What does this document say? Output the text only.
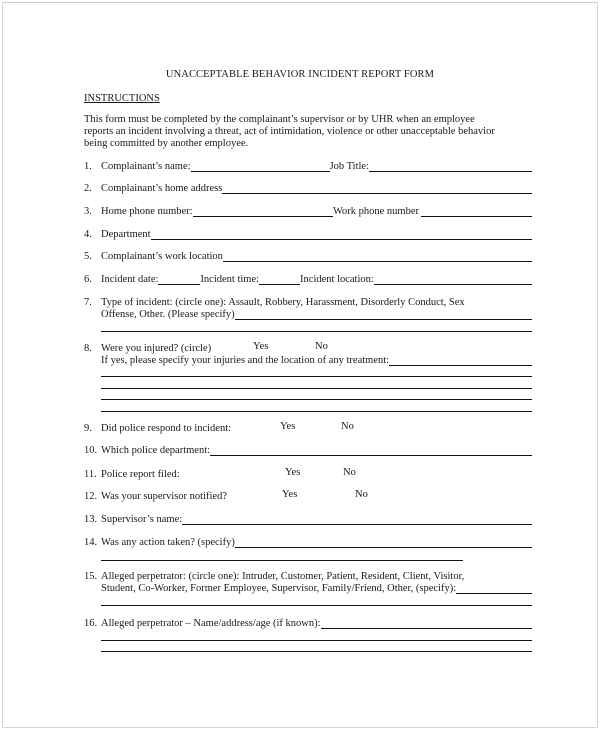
UNACCEPTABLE BEHAVIOR INCIDENT REPORT FORM
INSTRUCTIONS
This form must be completed by the complainant’s supervisor or by UHR when an employee
reports an incident involving a threat, act of intimidation, violence or other unacceptable behavior
being committed by another employee.
1. Complainant’s name:	Job Title:
2. Complainant’s home address
3. Home phone number:	Work phone number
4. Department
5. Complainant’s work location
6. Incident date:	Incident time:	Incident location:
7. Type of incident: (circle one): Assault, Robbery, Harassment, Disorderly Conduct, Sex
Offense, Other. (Please specify)
8. Were you injured? (circle)	Yes	No
If yes, please specify your injuries and the location of any treatment:
9. Did police respond to incident:	Yes	No
10. Which police department:
11. Police report filed:	Yes	No
12. Was your supervisor notified?	Yes	No
13. Supervisor’s name:
14. Was any action taken? (specify)
15. Alleged perpetrator: (circle one): Intruder, Customer, Patient, Resident, Client, Visitor,
Student, Co-Worker, Former Employee, Supervisor, Family/Friend, Other, (specify):
16. Alleged perpetrator – Name/address/age (if known):
